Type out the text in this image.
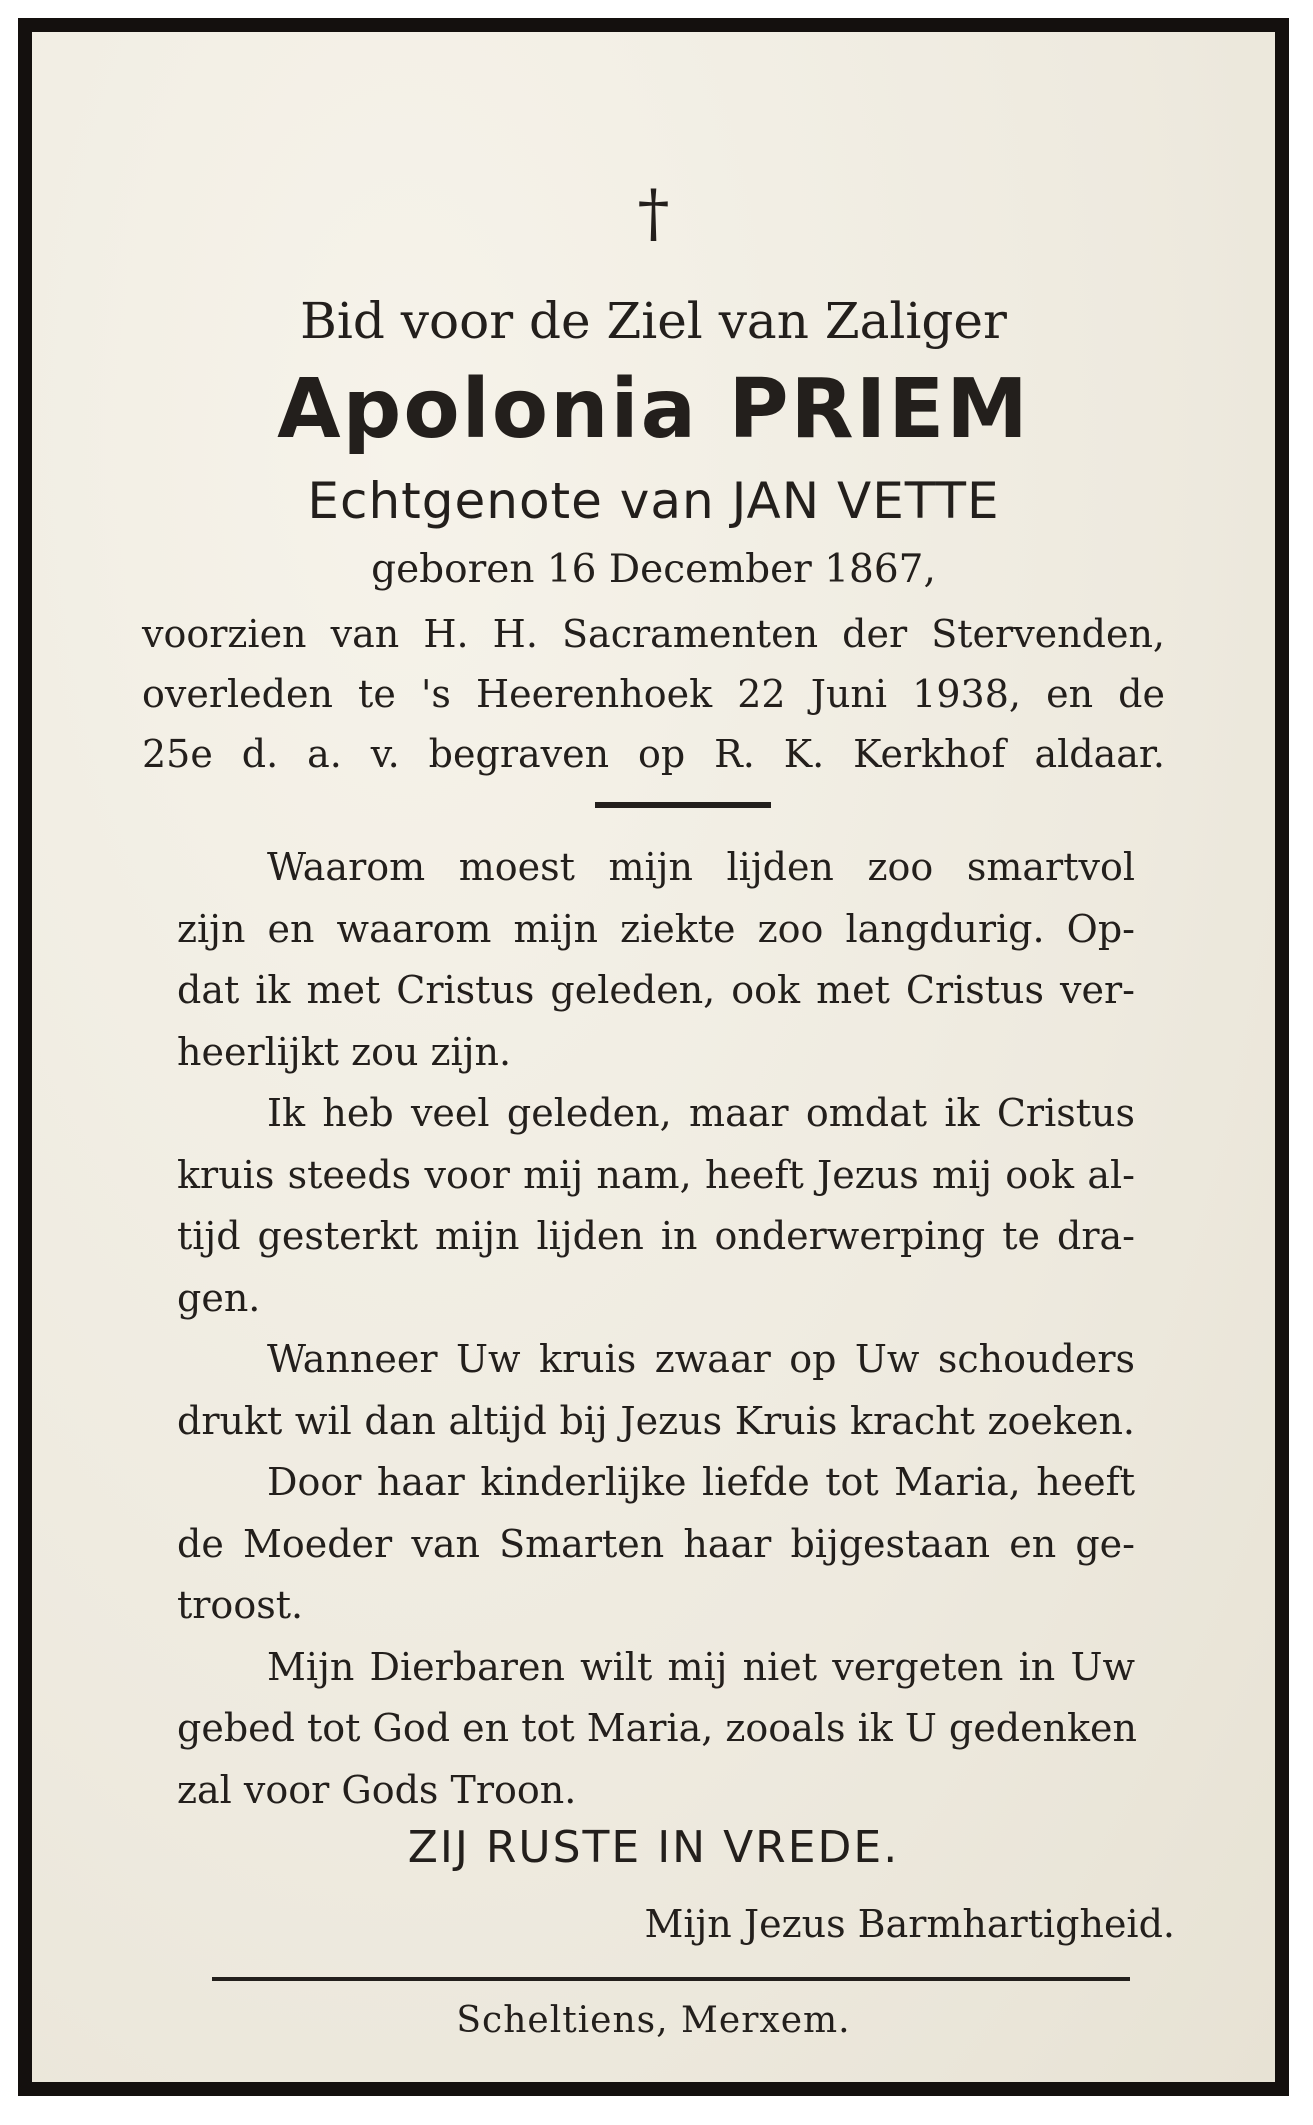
†
Bid voor de Ziel van Zaliger
Apolonia PRIEM
Echtgenote van JAN VETTE
geboren 16 December 1867,
voorzien van H. H. Sacramenten der Stervenden,
overleden te 's Heerenhoek 22 Juni 1938, en de
25e d. a. v. begraven op R. K. Kerkhof aldaar.

Waarom moest mijn lijden zoo smartvol
zijn en waarom mijn ziekte zoo langdurig. Op-
dat ik met Cristus geleden, ook met Cristus ver-
heerlijkt zou zijn.

Ik heb veel geleden, maar omdat ik Cristus
kruis steeds voor mij nam, heeft Jezus mij ook al-
tijd gesterkt mijn lijden in onderwerping te dra-
gen.

Wanneer Uw kruis zwaar op Uw schouders
drukt wil dan altijd bij Jezus Kruis kracht zoeken.

Door haar kinderlijke liefde tot Maria, heeft
de Moeder van Smarten haar bijgestaan en ge-
troost.

Mijn Dierbaren wilt mij niet vergeten in Uw
gebed tot God en tot Maria, zooals ik U gedenken
zal voor Gods Troon.

ZIJ RUSTE IN VREDE.
Mijn Jezus Barmhartigheid.
Scheltiens, Merxem.
